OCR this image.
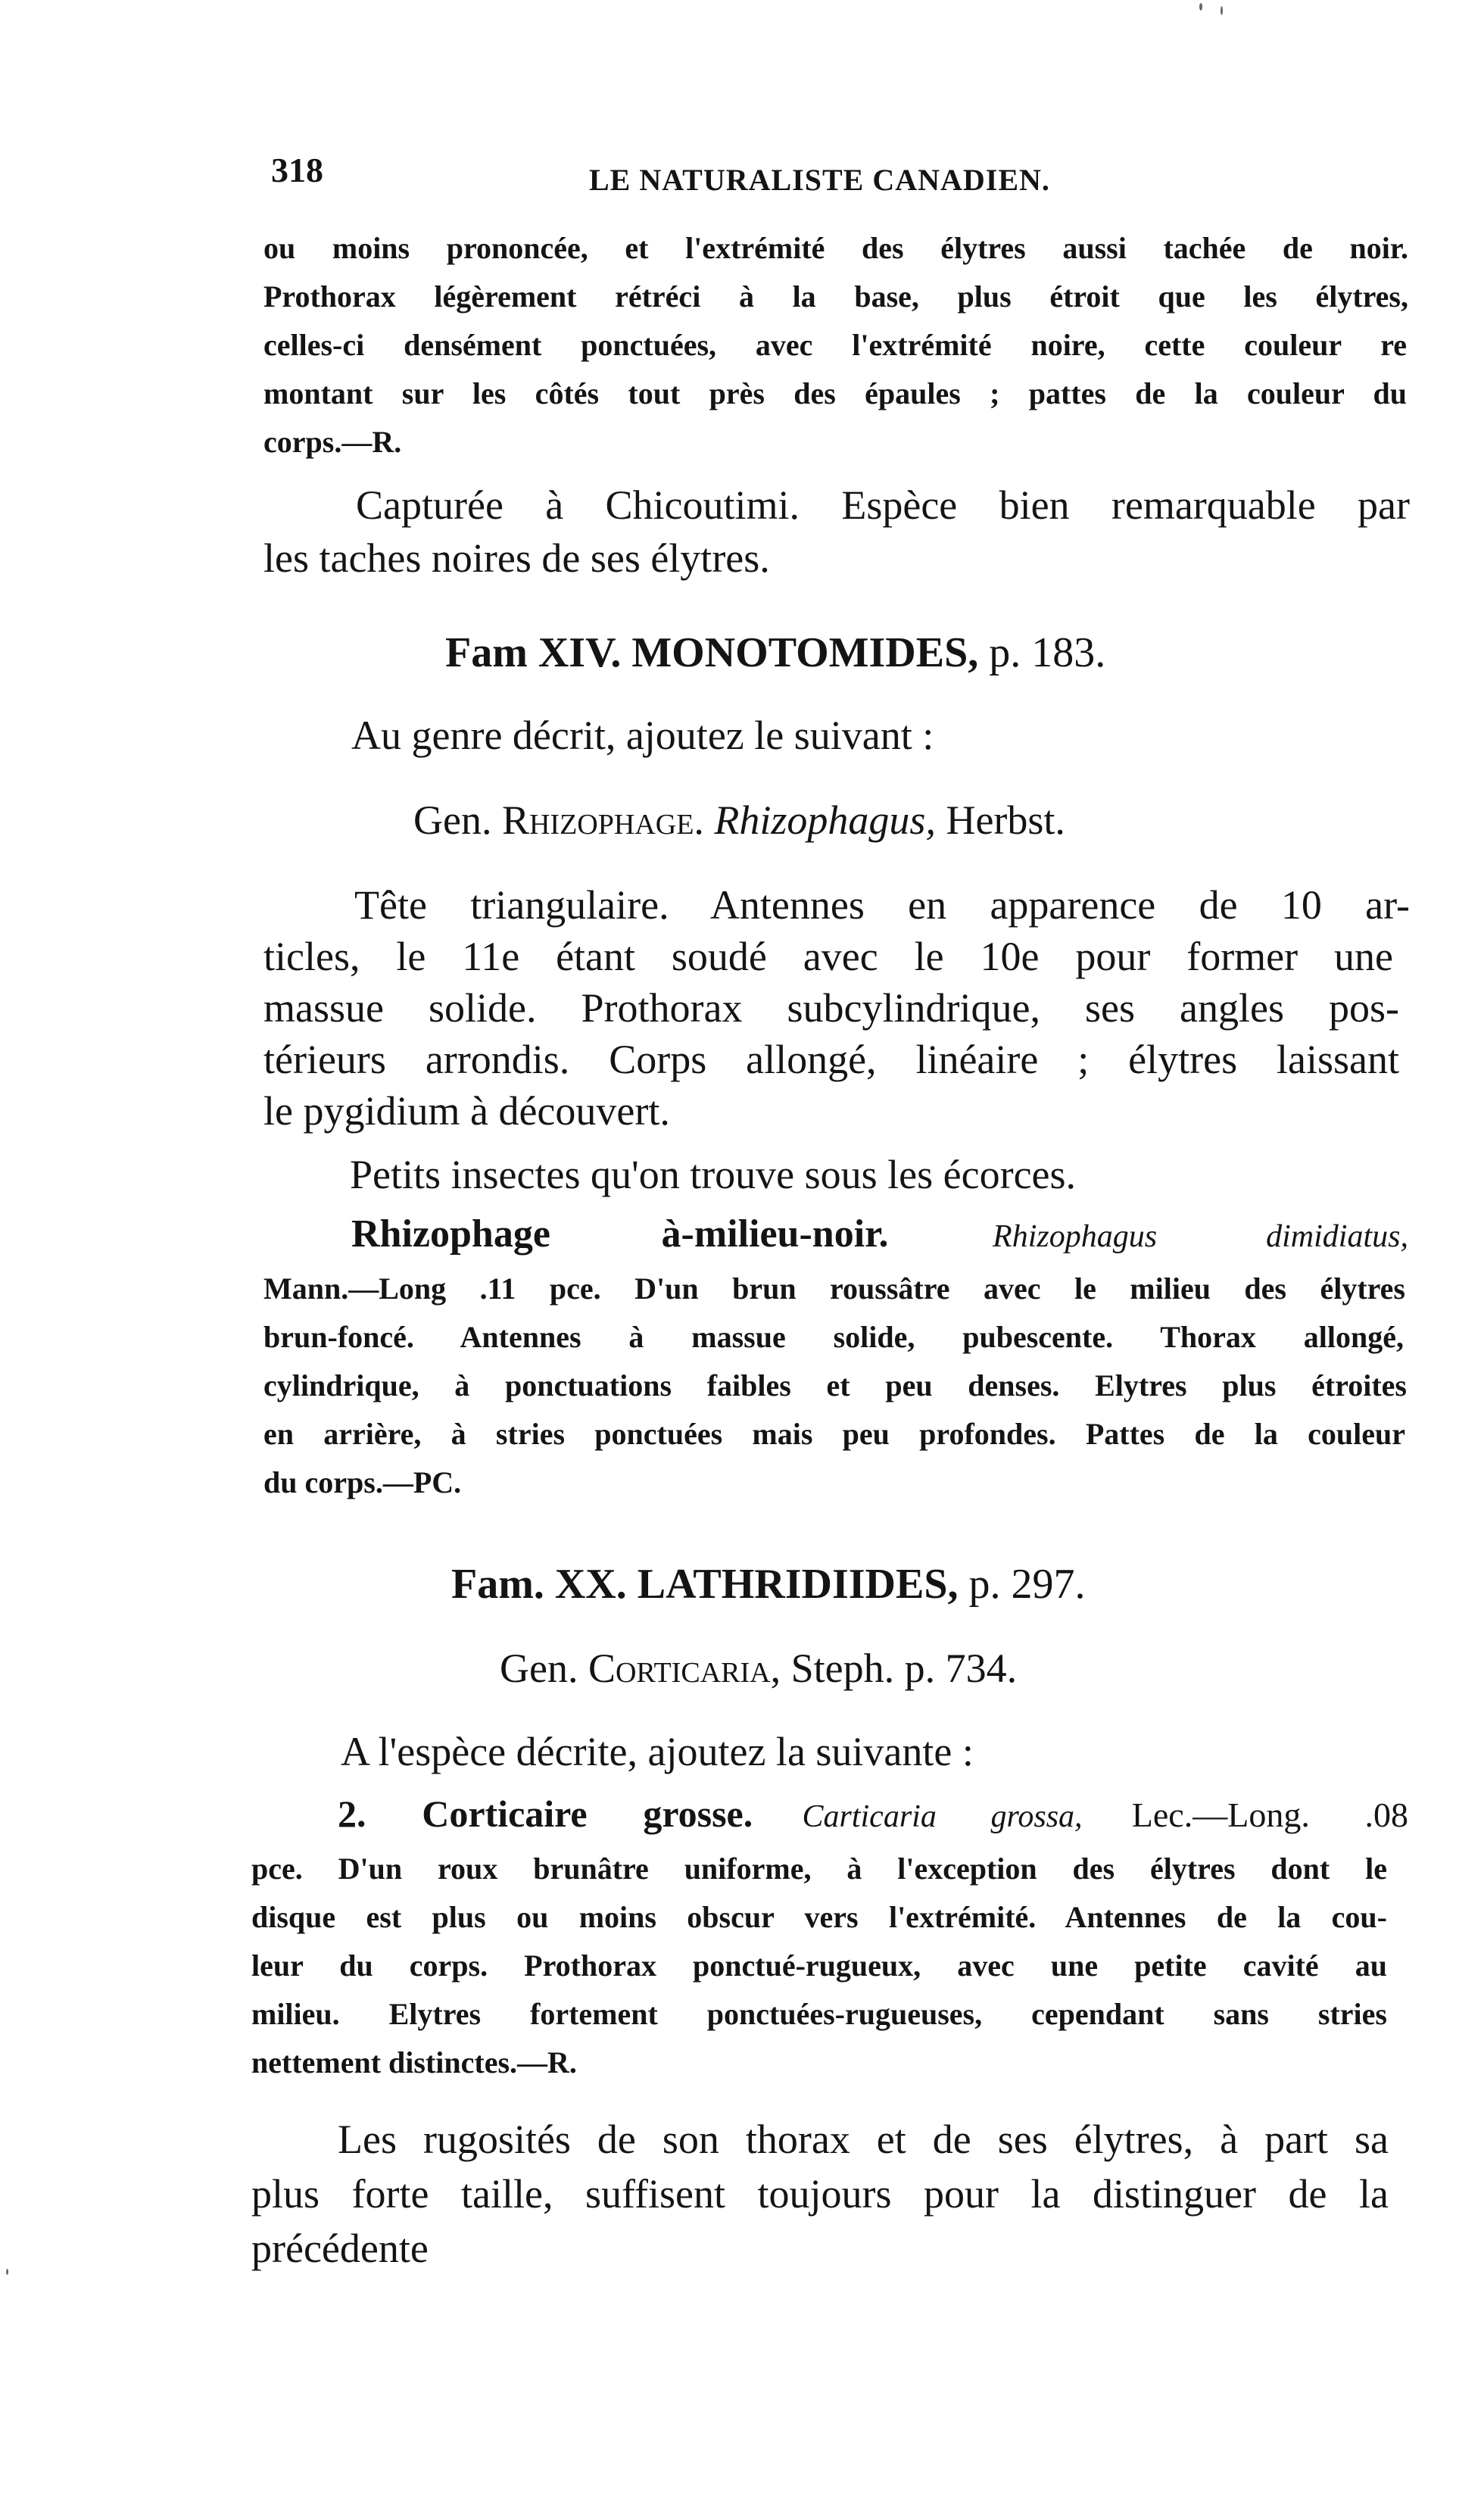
318	LE NATURALISTE CANADIEN.
ou moins prononcée, et l'extrémité des élytres aussi tachée de noir.
Prothorax légèrement rétréci à la base, plus étroit que les élytres,
celles-ci densément ponctuées, avec l'extrémité noire, cette couleur re
montant sur les côtés tout près des épaules ; pattes de la couleur du
corps.—R.
Capturée à Chicoutimi. Espèce bien remarquable par
les taches noires de ses élytres.
Fam XIV. MONOTOMIDES, p. 183.
Au genre décrit, ajoutez le suivant :
Gen. Rhizophage. Rhizophagus, Herbst.
Tête triangulaire. Antennes en apparence de 10 ar-
ticles, le 11e étant soudé avec le 10e pour former une
massue solide. Prothorax subcylindrique, ses angles pos-
térieurs arrondis. Corps allongé, linéaire ; élytres laissant
le pygidium à découvert.
Petits insectes qu'on trouve sous les écorces.
Rhizophage à-milieu-noir.	Rhizophagus dimidiatus,
Mann.—Long .11 pce. D'un brun roussâtre avec le milieu des élytres
brun-foncé. Antennes à massue solide, pubescente. Thorax allongé,
cylindrique, à ponctuations faibles et peu denses. Elytres plus étroites
en arrière, à stries ponctuées mais peu profondes. Pattes de la couleur
du corps.—PC.
Fam. XX. LATHRIDIIDES, p. 297.
Gen. Corticaria, Steph. p. 734.
A l'espèce décrite, ajoutez la suivante :
2. Corticaire grosse. Carticaria grossa, Lec.—Long. .08
pce. D'un roux brunâtre uniforme, à l'exception des élytres dont le
disque est plus ou moins obscur vers l'extrémité. Antennes de la cou-
leur du corps. Prothorax ponctué-rugueux, avec une petite cavité au
milieu. Elytres fortement ponctuées-rugueuses, cependant sans stries
nettement distinctes.—R.
Les rugosités de son thorax et de ses élytres, à part sa
plus forte taille, suffisent toujours pour la distinguer de la
précédente
